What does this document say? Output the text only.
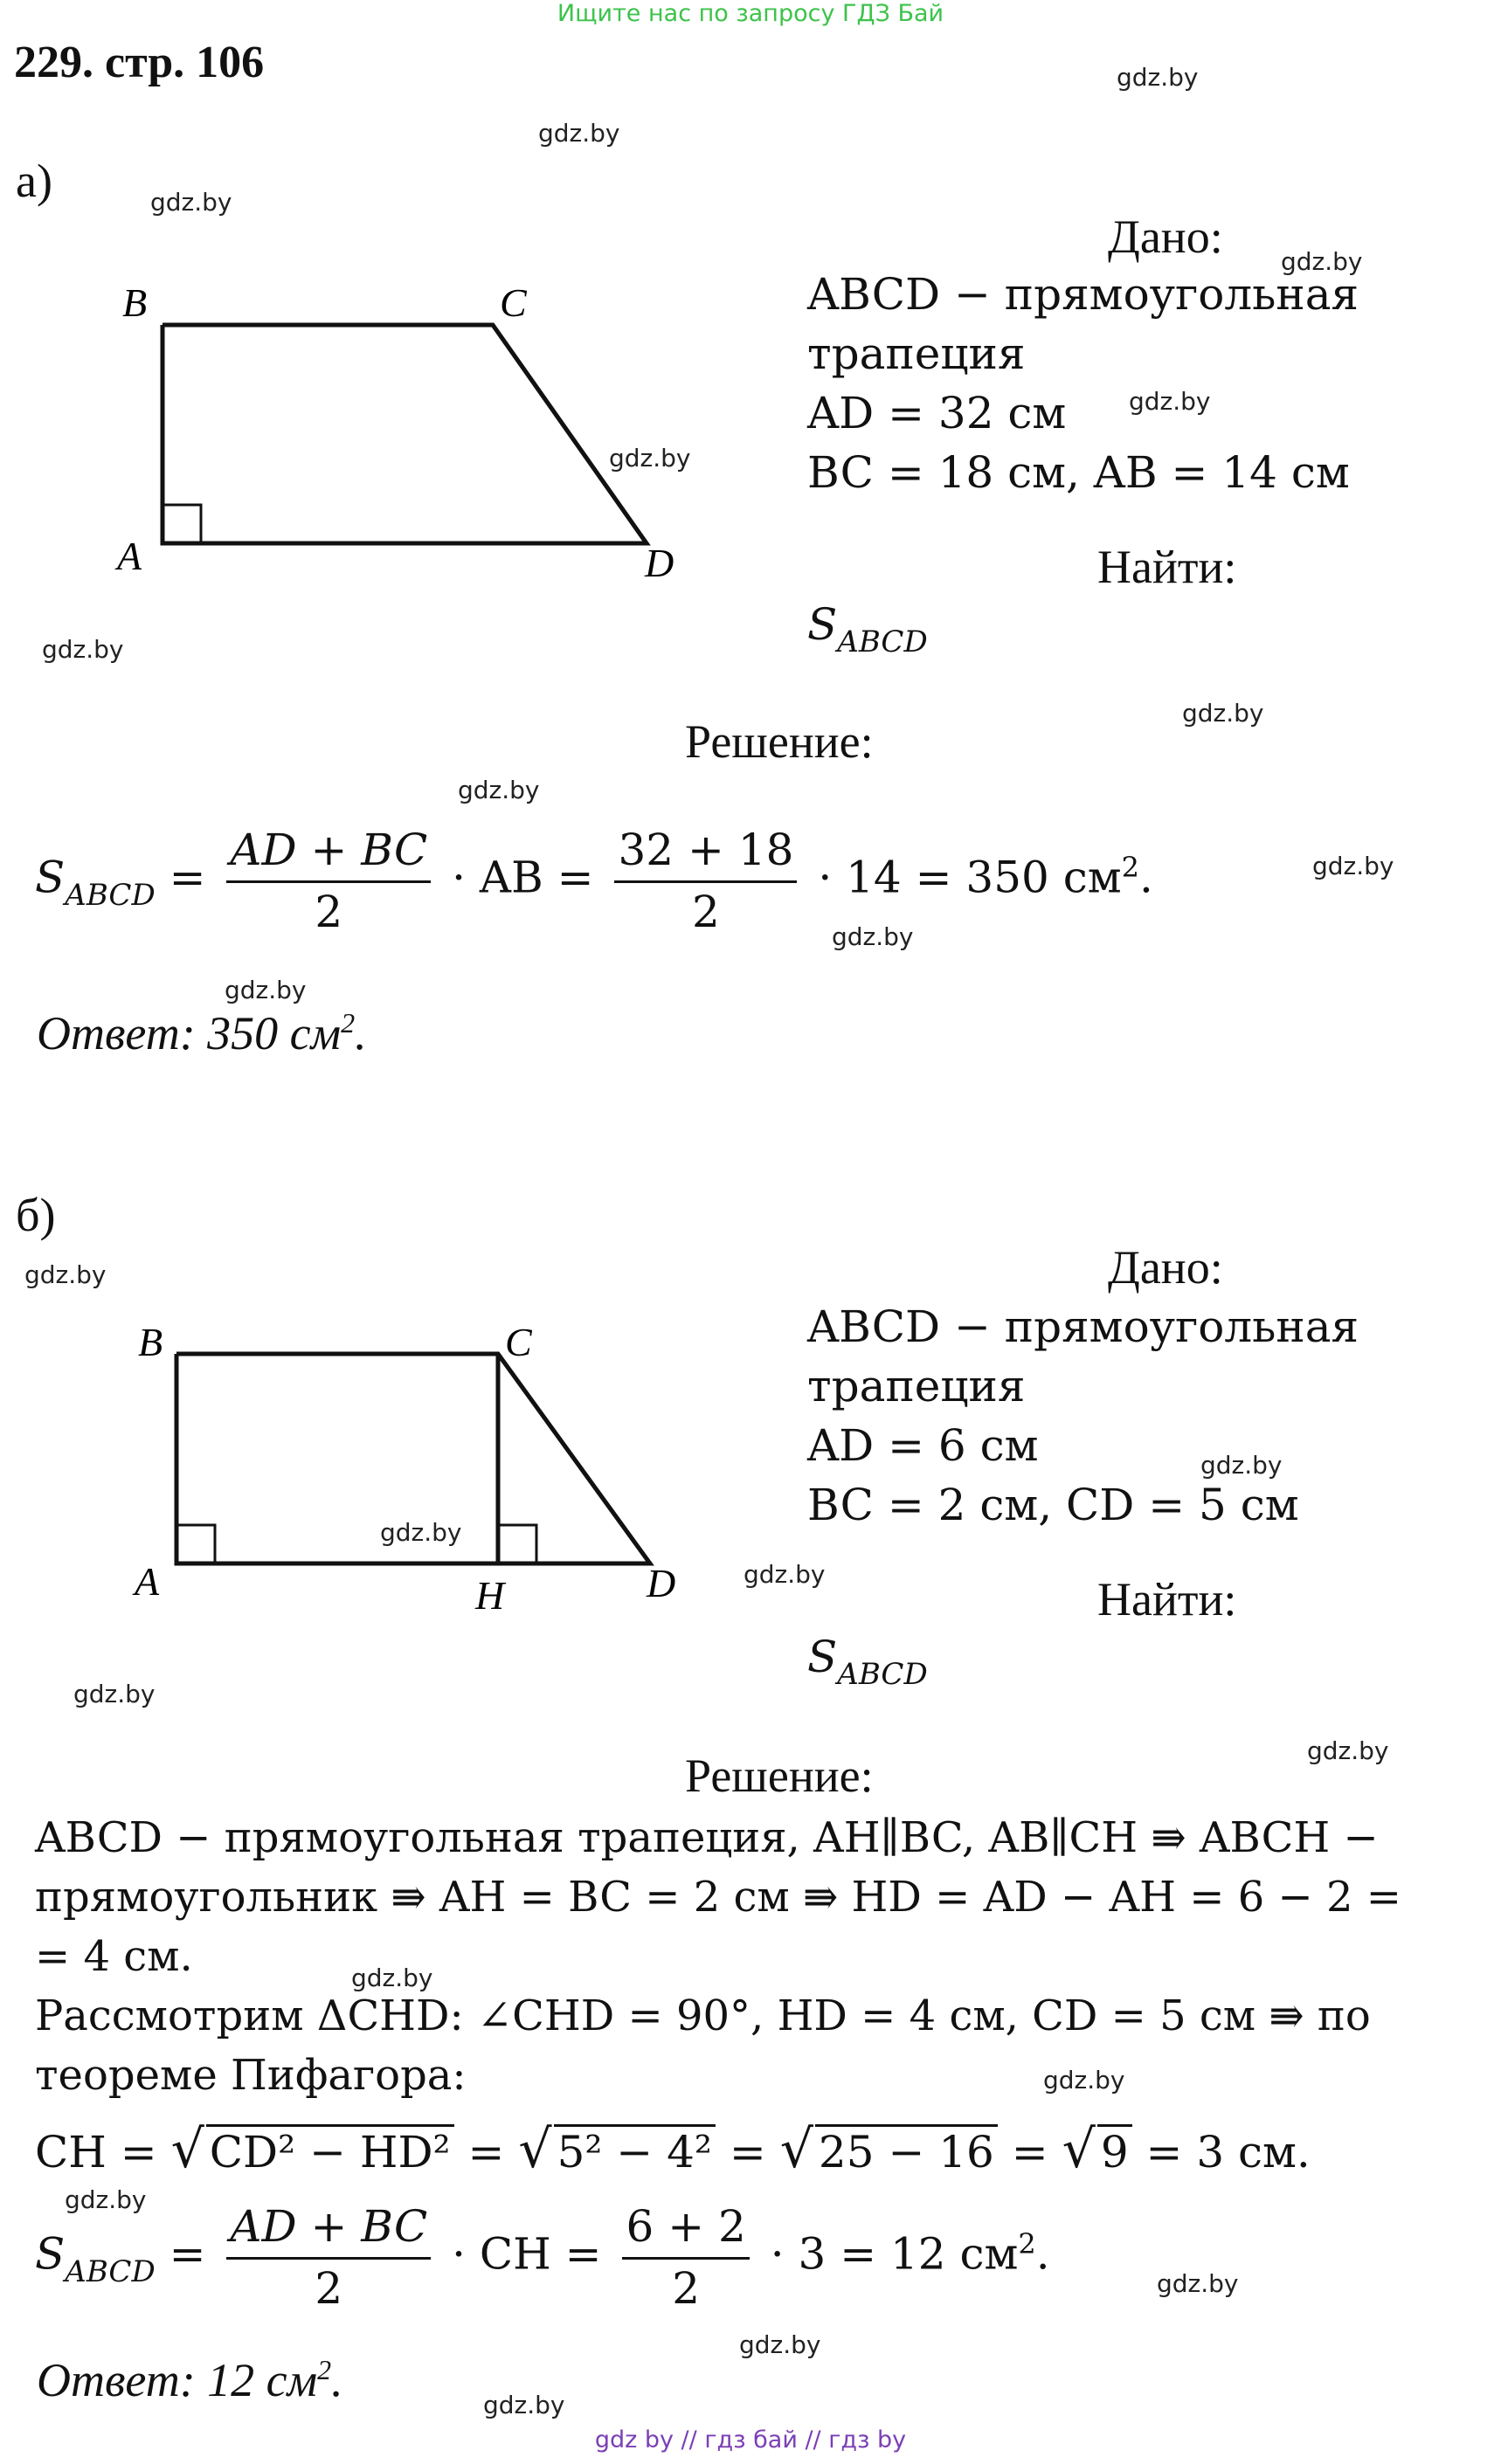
Ищите нас по запросу ГДЗ Бай
229. стр. 106	gdz.by
gdz.by
gdz.by
gdz.by
gdz.by
gdz.by
gdz.by
gdz.by
gdz.by
gdz.by
gdz.by
gdz.by
gdz.by
gdz.by
gdz.by
gdz.by
gdz.by
gdz.by
gdz.by
gdz.by
gdz.by
gdz.by
gdz.by
gdz.by
а)
B	C
A	D
Дано:
ABCD − прямоугольная
трапеция
AD = 32 см
BC = 18 см, AB = 14 см
Найти:
$S_{ABCD}$
Решение:
$S_{ABCD} = \frac{AD + BC}{2}$ · AB = $\frac{32 + 18}{2} \cdot 14 = 350$ $см^2$.
Ответ: 350 $см^2$.
б)
B	C
A	H	D
Дано:
ABCD − прямоугольная
трапеция
AD = 6 см
BC = 2 см, CD = 5 см
Найти:
$S_{ABCD}$
Решение:
ABCD − прямоугольная трапеция, AH∥BC, AB∥CH ⇛ ABCH −
прямоугольник ⇛ AH = BC = 2 см ⇛ HD = AD − AH = 6 − 2 =
= 4 см.
Рассмотрим ΔCHD: ∠CHD = 90°, HD = 4 см, CD = 5 см ⇛ по
теореме Пифагора:
CH = √ CD² − HD² = √ 5² − 4² = √ 25 − 16 = √ 9 = 3 см.
$S_{ABCD} = \frac{AD + BC}{2}$ · CH = $\frac{6 + 2}{2} \cdot 3 = 12$ $см^2$.
Ответ: 12 $см^2$.
gdz by // гдз бай // гдз by
